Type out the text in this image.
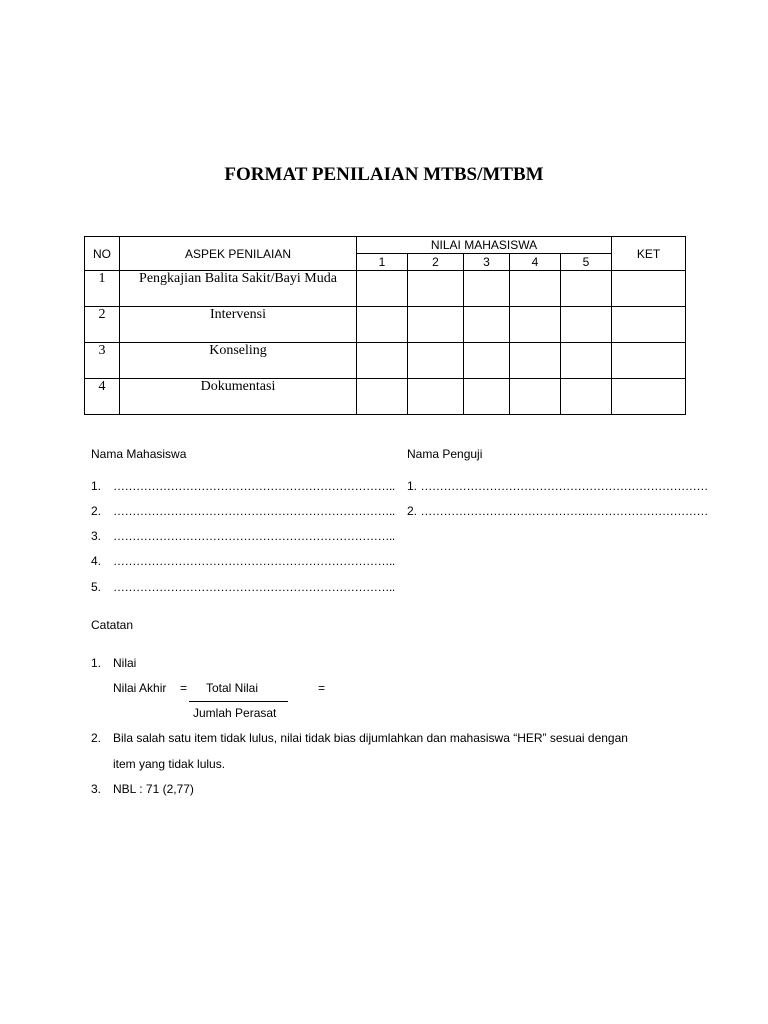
FORMAT PENILAIAN MTBS/MTBM
NO	ASPEK PENILAIAN	NILAI MAHASISWA					KET
		1	2	3	4	5	
1	Pengkajian Balita Sakit/Bayi Muda						
2	Intervensi						
3	Konseling						
4	Dokumentasi						
Nama Mahasiswa
1. ………………………………………………………………..
2. ………………………………………………………………..
3. ………………………………………………………………..
4. ………………………………………………………………..
5. ………………………………………………………………..
Nama Penguji
1. …………………………………………………………………
2. …………………………………………………………………
Catatan
1. Nilai
Nilai Akhir = Total Nilai	=
Jumlah Perasat
2. Bila salah satu item tidak lulus, nilai tidak bias dijumlahkan dan mahasiswa “HER” sesuai dengan
item yang tidak lulus.
3. NBL : 71 (2,77)
